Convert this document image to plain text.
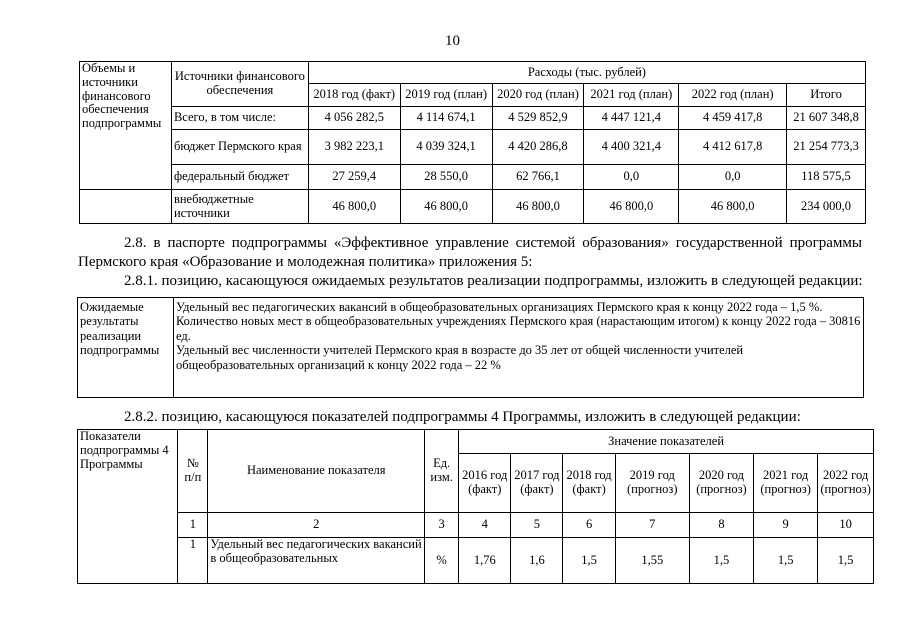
10
Объемы и источники финансового обеспечения подпрограммы	Источники финансового обеспечения	Расходы (тыс. рублей)					
		2018 год (факт)	2019 год (план)	2020 год (план)	2021 год (план)	2022 год (план)	Итого
	Всего, в том числе:	4 056 282,5	4 114 674,1	4 529 852,9	4 447 121,4	4 459 417,8	21 607 348,8
	бюджет Пермского края	3 982 223,1	4 039 324,1	4 420 286,8	4 400 321,4	4 412 617,8	21 254 773,3
	федеральный бюджет	27 259,4	28 550,0	62 766,1	0,0	0,0	118 575,5
	внебюджетные источники	46 800,0	46 800,0	46 800,0	46 800,0	46 800,0	234 000,0
2.8. в паспорте подпрограммы «Эффективное управление системой образования» государственной программы Пермского края «Образование и молодежная политика» приложения 5:
2.8.1. позицию, касающуюся ожидаемых результатов реализации подпрограммы, изложить в следующей редакции:
Ожидаемые результаты реализации подпрограммы	
Удельный вес педагогических вакансий в общеобразовательных организациях Пермского края к концу 2022 года – 1,5 %.
Количество новых мест в общеобразовательных учреждениях Пермского края (нарастающим итогом) к концу 2022 года – 30816 ед.
Удельный вес численности учителей Пермского края в возрасте до 35 лет от общей численности учителей общеобразовательных организаций к концу 2022 года – 22 %
2.8.2. позицию, касающуюся показателей подпрограммы 4 Программы, изложить в следующей редакции:
Показатели подпрограммы 4 Программы	№ п/п	Наименование показателя	Ед. изм.	Значение показателей						
				2016 год (факт)	2017 год (факт)	2018 год (факт)	2019 год (прогноз)	2020 год (прогноз)	2021 год (прогноз)	2022 год (прогноз)
	1	2	3	4	5	6	7	8	9	10
	1	Удельный вес педагогических вакансий в общеобразовательных	%	1,76	1,6	1,5	1,55	1,5	1,5	1,5
